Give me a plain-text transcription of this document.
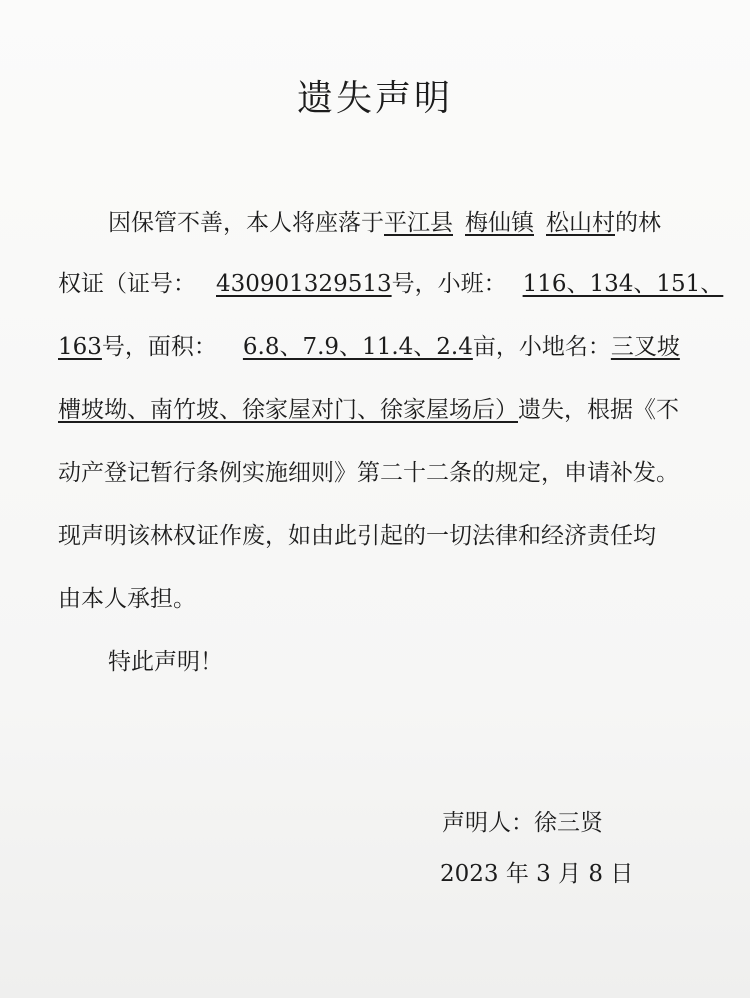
遗失声明
因保管不善，本人将座落于平江县 梅仙镇 松山村的林
权证（证号： 430901329513号，小班： 116、134、151、
163号，面积： 6.8、7.9、11.4、2.4亩，小地名：三叉坡
槽坡坳、南竹坡、徐家屋对门、徐家屋场后）遗失，根据《不
动产登记暂行条例实施细则》第二十二条的规定，申请补发。
现声明该林权证作废，如由此引起的一切法律和经济责任均
由本人承担。
特此声明！
声明人：徐三贤
2023 年 3 月 8 日
